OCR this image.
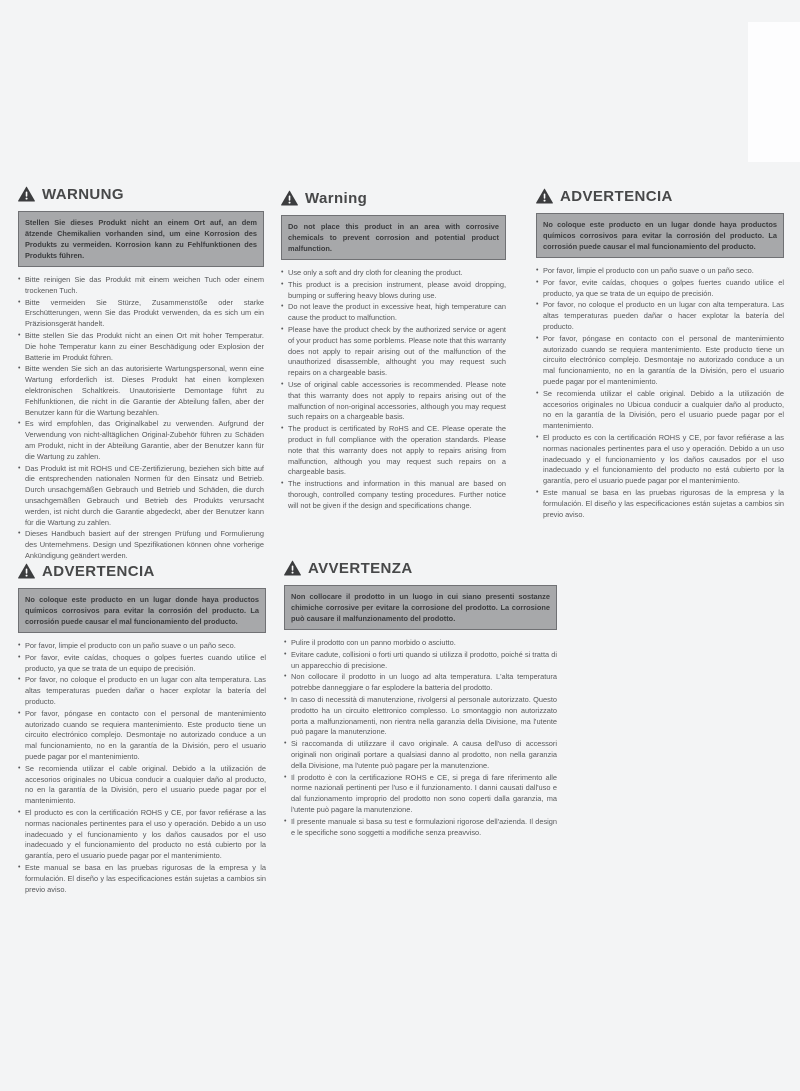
WARNUNG
Stellen Sie dieses Produkt nicht an einem Ort auf, an dem ätzende Chemikalien vorhanden sind, um eine Korrosion des Produkts zu vermeiden. Korrosion kann zu Fehlfunktionen des Produkts führen.
• Bitte reinigen Sie das Produkt mit einem weichen Tuch oder einem trockenen Tuch.
• Bitte vermeiden Sie Stürze, Zusammenstöße oder starke Erschütterungen, wenn Sie das Produkt verwenden, da es sich um ein Präzisionsgerät handelt.
• Bitte stellen Sie das Produkt nicht an einen Ort mit hoher Temperatur. Die hohe Temperatur kann zu einer Beschädigung oder Explosion der Batterie im Produkt führen.
• Bitte wenden Sie sich an das autorisierte Wartungspersonal, wenn eine Wartung erforderlich ist. Dieses Produkt hat einen komplexen elektronischen Schaltkreis. Unautorisierte Demontage führt zu Fehlfunktionen, die nicht in die Garantie der Abteilung fallen, aber der Benutzer kann für die Wartung bezahlen.
• Es wird empfohlen, das Originalkabel zu verwenden. Aufgrund der Verwendung von nicht-alltäglichen Original-Zubehör führen zu Schäden am Produkt, nicht in der Abteilung Garantie, aber der Benutzer kann für die Wartung zu zahlen.
• Das Produkt ist mit ROHS und CE-Zertifizierung, beziehen sich bitte auf die entsprechenden nationalen Normen für den Einsatz und Betrieb. Durch unsachgemäßen Gebrauch und Betrieb und Schäden, die durch unsachgemäßen Gebrauch und Betrieb des Produkts verursacht werden, ist nicht durch die Garantie abgedeckt, aber der Benutzer kann für die Wartung zu zahlen.
• Dieses Handbuch basiert auf der strengen Prüfung und Formulierung des Unternehmens. Design und Spezifikationen können ohne vorherige Ankündigung geändert werden.
Warning
Do not place this product in an area with corrosive chemicals to prevent corrosion and potential product malfunction.
• Use only a soft and dry cloth for cleaning the product.
• This product is a precision instrument, please avoid dropping, bumping or suffering heavy blows during use.
• Do not leave the product in excessive heat, high temperature can cause the product to malfunction.
• Please have the product check by the authorized service or agent of your product has some porblems. Please note that this warranty does not apply to repair arising out of the malfunction of the unauthorized disassemble, althought you may request such repairs on a chargeable basis.
• Use of original cable accessories is recommended. Please note that this warranty does not apply to repairs arising out of the malfunction of non-original accessories, although you may request such repairs on a chargeable basis.
• The product is certificated by RoHS and CE. Please operate the product in full compliance with the operation standards. Please note that this warranty does not apply to repairs arising from malfunction, although you may request such repairs on a chargeable basis.
• The instructions and information in this manual are based on thorough, controlled company testing procedures. Further notice will not be given if the design and specifications change.
ADVERTENCIA
No coloque este producto en un lugar donde haya productos químicos corrosivos para evitar la corrosión del producto. La corrosión puede causar el mal funcionamiento del producto.
• Por favor, limpie el producto con un paño suave o un paño seco.
• Por favor, evite caídas, choques o golpes fuertes cuando utilice el producto, ya que se trata de un equipo de precisión.
• Por favor, no coloque el producto en un lugar con alta temperatura. Las altas temperaturas pueden dañar o hacer explotar la batería del producto.
• Por favor, póngase en contacto con el personal de mantenimiento autorizado cuando se requiera mantenimiento. Este producto tiene un circuito electrónico complejo. Desmontaje no autorizado conduce a un mal funcionamiento, no en la garantía de la División, pero el usuario puede pagar por el mantenimiento.
• Se recomienda utilizar el cable original. Debido a la utilización de accesorios originales no Ubicua conducir a cualquier daño al producto, no en la garantía de la División, pero el usuario puede pagar por el mantenimiento.
• El producto es con la certificación ROHS y CE, por favor refiérase a las normas nacionales pertinentes para el uso y operación. Debido a un uso inadecuado y el funcionamiento y los daños causados por el uso inadecuado y el funcionamiento del producto no está cubierto por la garantía, pero el usuario puede pagar por el mantenimiento.
• Este manual se basa en las pruebas rigurosas de la empresa y la formulación. El diseño y las especificaciones están sujetas a cambios sin previo aviso.
ADVERTENCIA
No coloque este producto en un lugar donde haya productos químicos corrosivos para evitar la corrosión del producto. La corrosión puede causar el mal funcionamiento del producto.
• Por favor, limpie el producto con un paño suave o un paño seco.
• Por favor, evite caídas, choques o golpes fuertes cuando utilice el producto, ya que se trata de un equipo de precisión.
• Por favor, no coloque el producto en un lugar con alta temperatura. Las altas temperaturas pueden dañar o hacer explotar la batería del producto.
• Por favor, póngase en contacto con el personal de mantenimiento autorizado cuando se requiera mantenimiento. Este producto tiene un circuito electrónico complejo. Desmontaje no autorizado conduce a un mal funcionamiento, no en la garantía de la División, pero el usuario puede pagar por el mantenimiento.
• Se recomienda utilizar el cable original. Debido a la utilización de accesorios originales no Ubicua conducir a cualquier daño al producto, no en la garantía de la División, pero el usuario puede pagar por el mantenimiento.
• El producto es con la certificación ROHS y CE, por favor refiérase a las normas nacionales pertinentes para el uso y operación. Debido a un uso inadecuado y el funcionamiento y los daños causados por el uso inadecuado y el funcionamiento del producto no está cubierto por la garantía, pero el usuario puede pagar por el mantenimiento.
• Este manual se basa en las pruebas rigurosas de la empresa y la formulación. El diseño y las especificaciones están sujetas a cambios sin previo aviso.
AVVERTENZA
Non collocare il prodotto in un luogo in cui siano presenti sostanze chimiche corrosive per evitare la corrosione del prodotto. La corrosione può causare il malfunzionamento del prodotto.
• Pulire il prodotto con un panno morbido o asciutto.
• Evitare cadute, collisioni o forti urti quando si utilizza il prodotto, poiché si tratta di un apparecchio di precisione.
• Non collocare il prodotto in un luogo ad alta temperatura. L'alta temperatura potrebbe danneggiare o far esplodere la batteria del prodotto.
• In caso di necessità di manutenzione, rivolgersi al personale autorizzato. Questo prodotto ha un circuito elettronico complesso. Lo smontaggio non autorizzato porta a malfunzionamenti, non rientra nella garanzia della Divisione, ma l'utente può pagare la manutenzione.
• Si raccomanda di utilizzare il cavo originale. A causa dell'uso di accessori originali non originali portare a qualsiasi danno al prodotto, non nella garanzia della Divisione, ma l'utente può pagare per la manutenzione.
• Il prodotto è con la certificazione ROHS e CE, si prega di fare riferimento alle norme nazionali pertinenti per l'uso e il funzionamento. I danni causati dall'uso e dal funzionamento improprio del prodotto non sono coperti dalla garanzia, ma l'utente può pagare la manutenzione.
• Il presente manuale si basa su test e formulazioni rigorose dell'azienda. Il design e le specifiche sono soggetti a modifiche senza preavviso.
